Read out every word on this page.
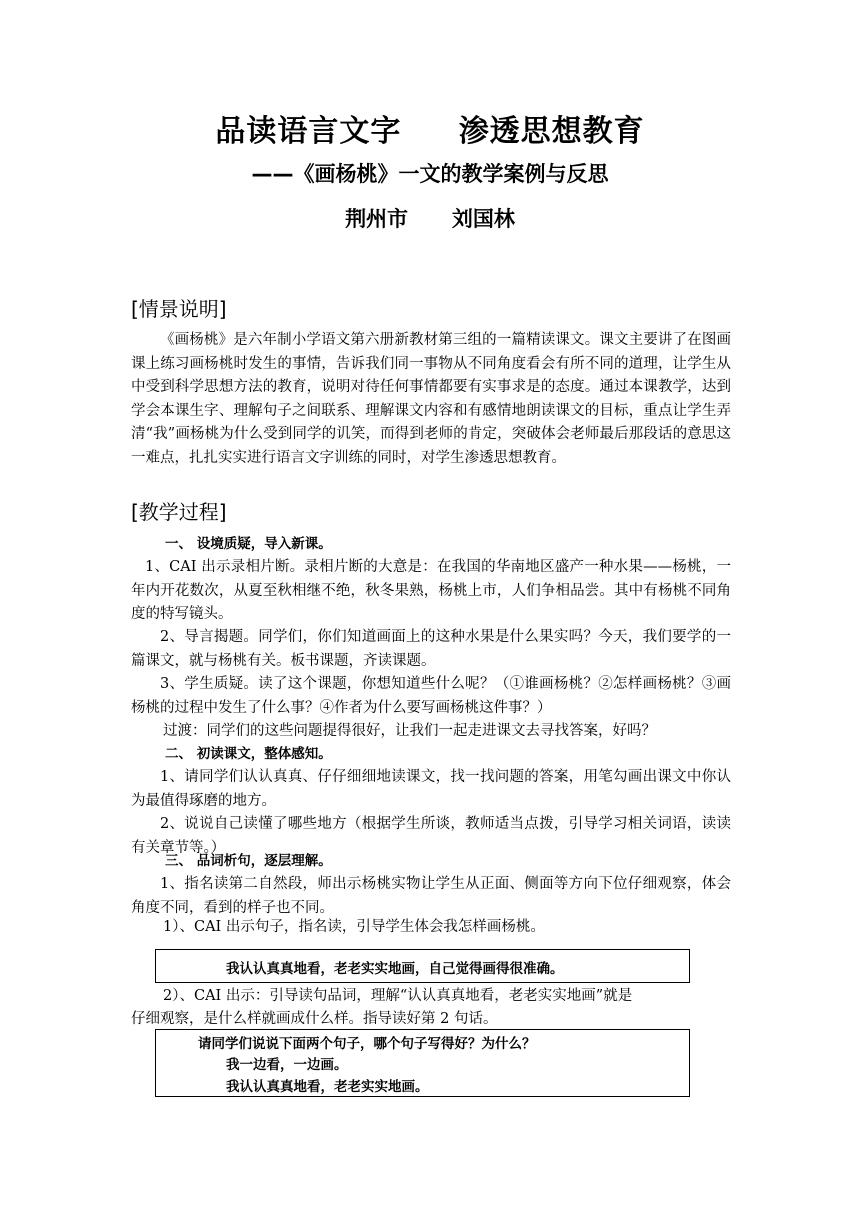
品读语言文字     渗透思想教育
——《画杨桃》一文的教学案例与反思
荆州市      刘国林
[情景说明]
《画杨桃》是六年制小学语文第六册新教材第三组的一篇精读课文。课文主要讲了在图画课上练习画杨桃时发生的事情，告诉我们同一事物从不同角度看会有所不同的道理，让学生从中受到科学思想方法的教育，说明对待任何事情都要有实事求是的态度。通过本课教学，达到学会本课生字、理解句子之间联系、理解课文内容和有感情地朗读课文的目标，重点让学生弄清“我”画杨桃为什么受到同学的讥笑，而得到老师的肯定，突破体会老师最后那段话的意思这一难点，扎扎实实进行语言文字训练的同时，对学生渗透思想教育。
[教学过程]
一、 设境质疑，导入新课。
1、CAI 出示录相片断。录相片断的大意是：在我国的华南地区盛产一种水果——杨桃，一年内开花数次，从夏至秋相继不绝，秋冬果熟，杨桃上市，人们争相品尝。其中有杨桃不同角度的特写镜头。
2、导言揭题。同学们，你们知道画面上的这种水果是什么果实吗？今天，我们要学的一篇课文，就与杨桃有关。板书课题，齐读课题。
3、学生质疑。读了这个课题，你想知道些什么呢？（①谁画杨桃？②怎样画杨桃？③画杨桃的过程中发生了什么事？④作者为什么要写画杨桃这件事？）
过渡：同学们的这些问题提得很好，让我们一起走进课文去寻找答案，好吗？
二、 初读课文，整体感知。
1、请同学们认认真真、仔仔细细地读课文，找一找问题的答案，用笔勾画出课文中你认为最值得琢磨的地方。
2、说说自己读懂了哪些地方（根据学生所谈，教师适当点拨，引导学习相关词语，读读有关章节等。）
三、 品词析句，逐层理解。
1、指名读第二自然段，师出示杨桃实物让学生从正面、侧面等方向下位仔细观察，体会角度不同，看到的样子也不同。
1）、CAI 出示句子，指名读，引导学生体会我怎样画杨桃。
我认认真真地看，老老实实地画，自己觉得画得很准确。
2）、CAI 出示：引导读句品词，理解“认认真真地看，老老实实地画”就是
仔细观察，是什么样就画成什么样。指导读好第 2 句话。
请同学们说说下面两个句子，哪个句子写得好？为什么？
我一边看，一边画。
我认认真真地看，老老实实地画。
